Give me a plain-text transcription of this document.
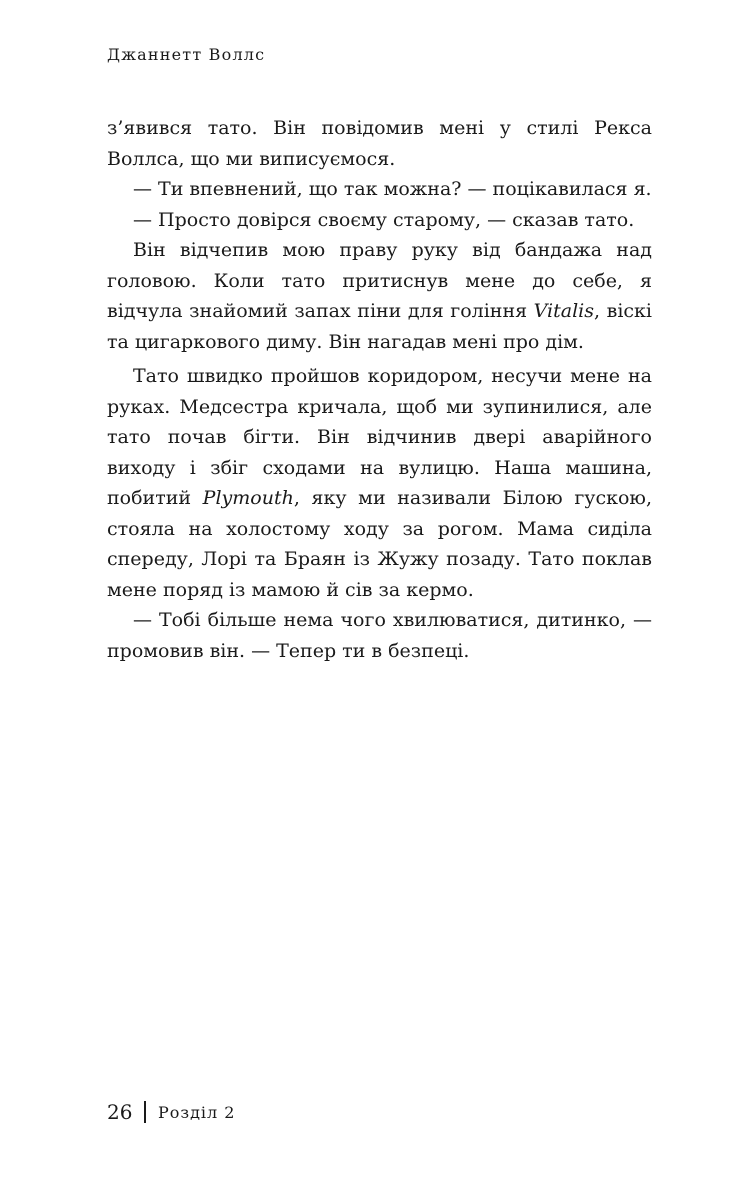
Джаннетт Воллс

з’явився тато. Він повідомив мені у стилі Рекса Воллса, що ми виписуємося.

— Ти впевнений, що так можна? — поцікавилася я.

— Просто довірся своєму старому, — сказав тато.

Він відчепив мою праву руку від бандажа над головою. Коли тато притиснув мене до себе, я відчула знайомий запах піни для гоління Vitalis, віскі та цигаркового диму. Він нагадав мені про дім.

Тато швидко пройшов коридором, несучи мене на руках. Медсестра кричала, щоб ми зупинилися, але тато почав бігти. Він відчинив двері аварійного виходу і збіг сходами на вулицю. Наша машина, побитий Plymouth, яку ми називали Білою гускою, стояла на холостому ходу за рогом. Мама сиділа спереду, Лорі та Браян із Жужу позаду. Тато поклав мене поряд із мамою й сів за кермо.

— Тобі більше нема чого хвилюватися, дитинко, — промовив він. — Тепер ти в безпеці.

26 Розділ 2
